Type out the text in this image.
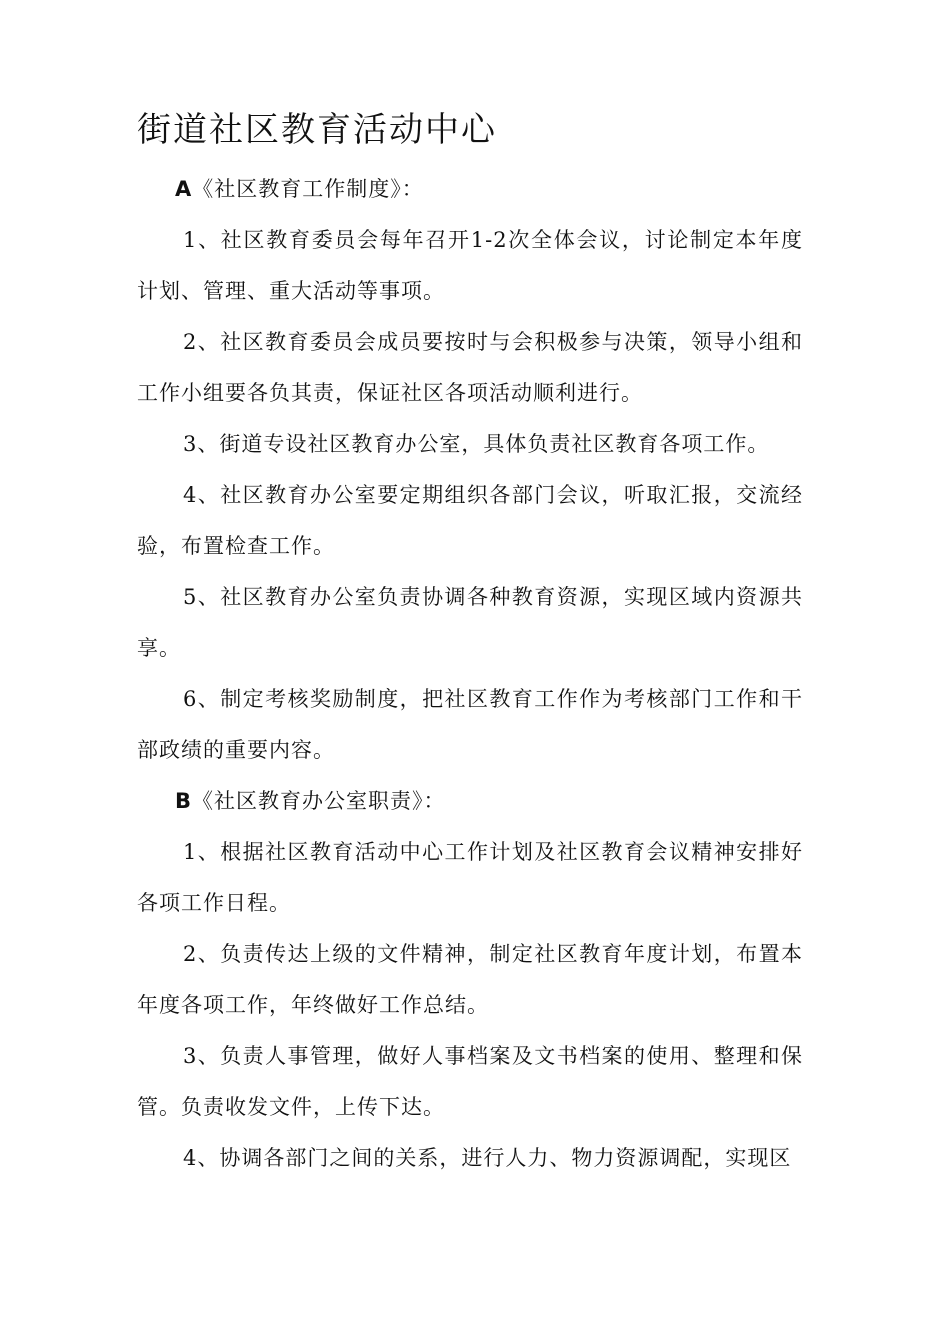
街道社区教育活动中心

A《社区教育工作制度》：

1、社区教育委员会每年召开1-2次全体会议，讨论制定本年度计划、管理、重大活动等事项。

2、社区教育委员会成员要按时与会积极参与决策，领导小组和工作小组要各负其责，保证社区各项活动顺利进行。

3、街道专设社区教育办公室，具体负责社区教育各项工作。

4、社区教育办公室要定期组织各部门会议，听取汇报，交流经验，布置检查工作。

5、社区教育办公室负责协调各种教育资源，实现区域内资源共享。

6、制定考核奖励制度，把社区教育工作作为考核部门工作和干部政绩的重要内容。

B《社区教育办公室职责》：

1、根据社区教育活动中心工作计划及社区教育会议精神安排好各项工作日程。

2、负责传达上级的文件精神，制定社区教育年度计划，布置本年度各项工作，年终做好工作总结。

3、负责人事管理，做好人事档案及文书档案的使用、整理和保管。负责收发文件，上传下达。

4、协调各部门之间的关系，进行人力、物力资源调配，实现区
